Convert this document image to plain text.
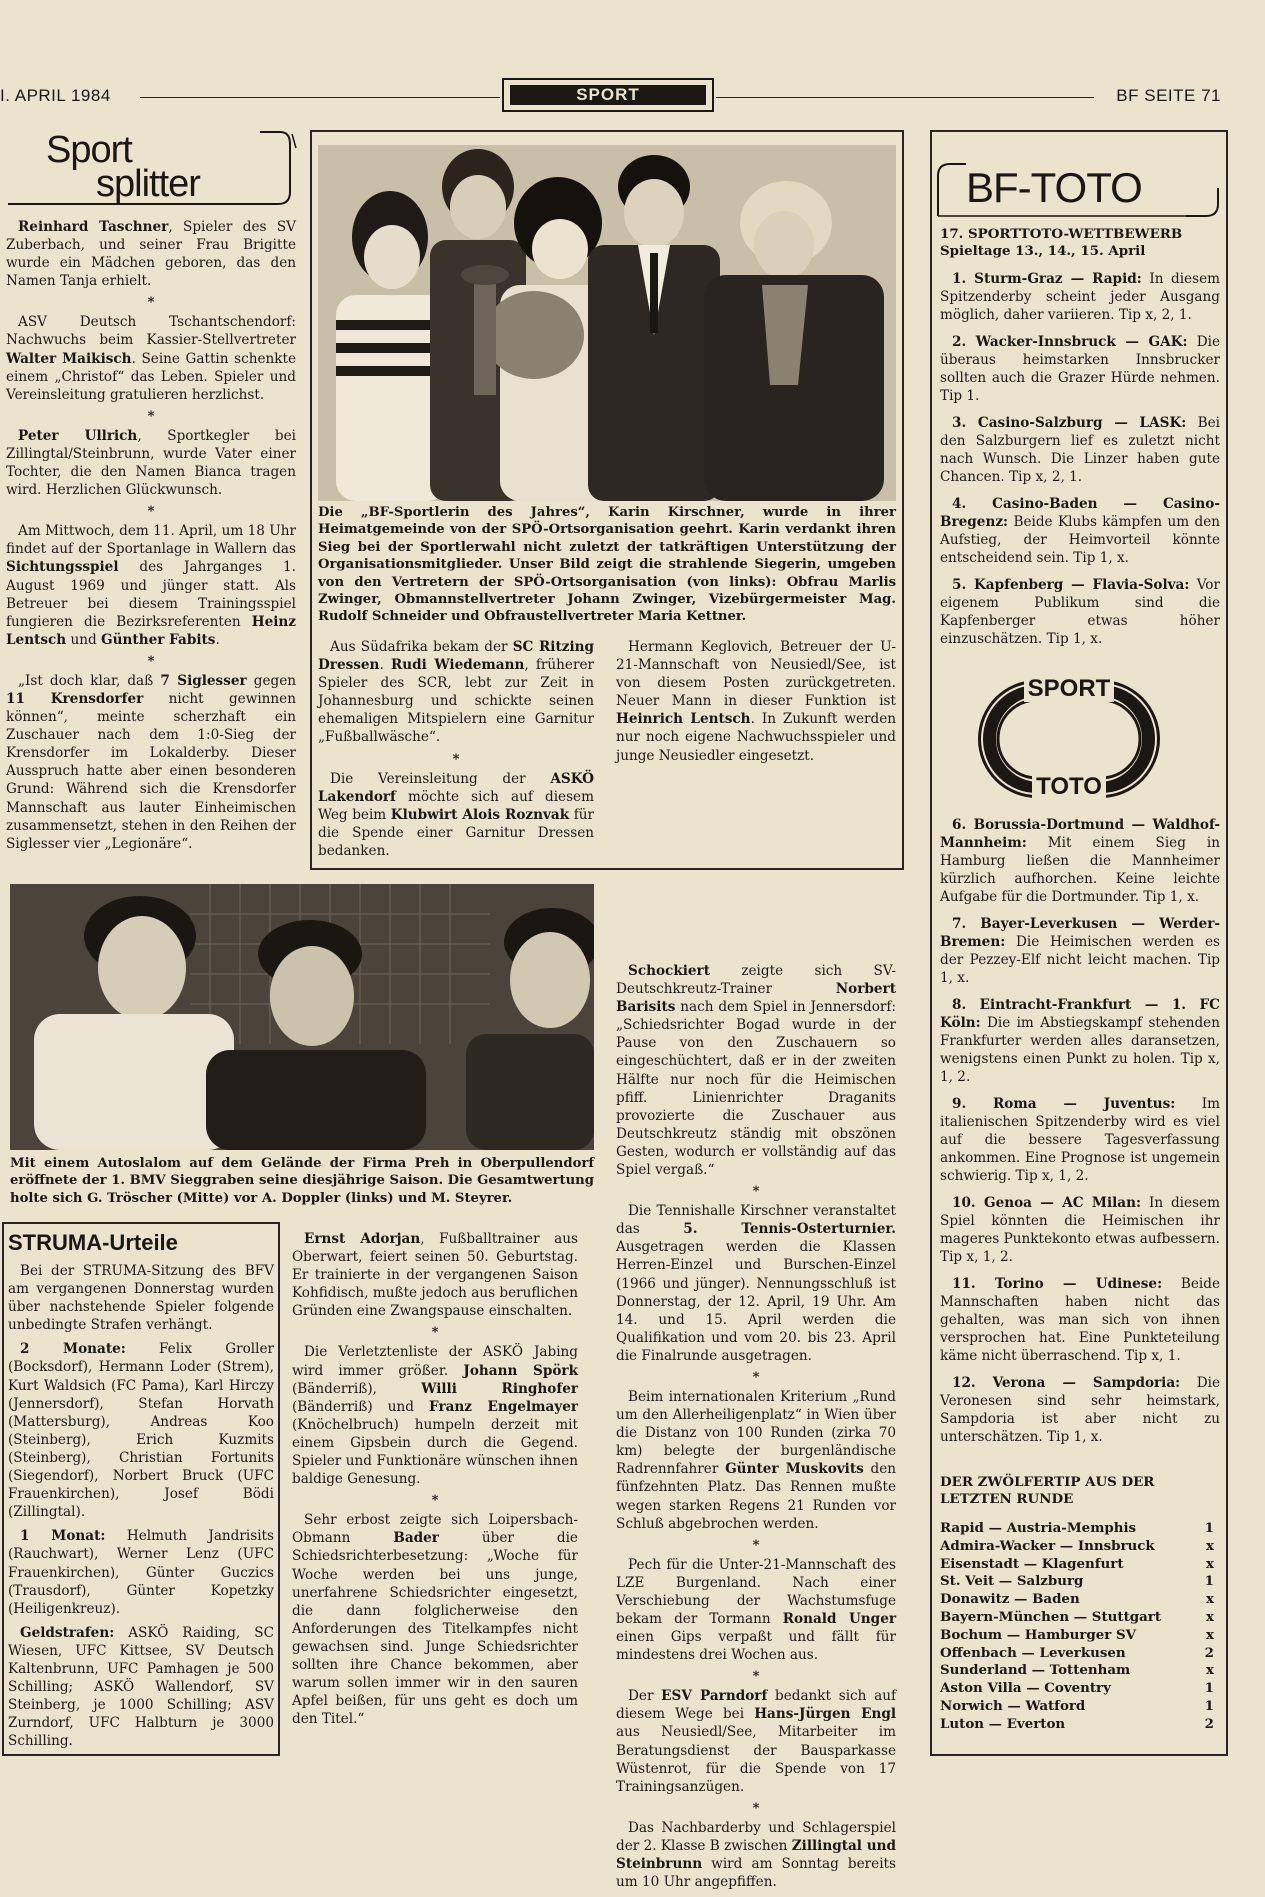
I. APRIL 1984	SPORT	BF SEITE 71
Sport
splitter

Reinhard Taschner, Spieler des SV Zuberbach, und seiner Frau Brigitte wurde ein Mädchen geboren, das den Namen Tanja erhielt.

*

ASV Deutsch Tschantschendorf: Nachwuchs beim Kassier-Stellvertreter Walter Maikisch. Seine Gattin schenkte einem „Christof“ das Leben. Spieler und Vereinsleitung gratulieren herzlichst.

*

Peter Ullrich, Sportkegler bei Zillingtal/Steinbrunn, wurde Vater einer Tochter, die den Namen Bianca tragen wird. Herzlichen Glückwunsch.

*

Am Mittwoch, dem 11. April, um 18 Uhr findet auf der Sportanlage in Wallern das Sichtungsspiel des Jahrganges 1. August 1969 und jünger statt. Als Betreuer bei diesem Trainingsspiel fungieren die Bezirksreferenten Heinz Lentsch und Günther Fabits.

*

„Ist doch klar, daß 7 Siglesser gegen 11 Krensdorfer nicht gewinnen können“, meinte scherzhaft ein Zuschauer nach dem 1:0-Sieg der Krensdorfer im Lokalderby. Dieser Ausspruch hatte aber einen besonderen Grund: Während sich die Krensdorfer Mannschaft aus lauter Einheimischen zusammensetzt, stehen in den Reihen der Siglesser vier „Legionäre“.

Die „BF-Sportlerin des Jahres“, Karin Kirschner, wurde in ihrer Heimatgemeinde von der SPÖ-Ortsorganisation geehrt. Karin verdankt ihren Sieg bei der Sportlerwahl nicht zuletzt der tatkräftigen Unterstützung der Organisationsmitglieder. Unser Bild zeigt die strahlende Siegerin, umgeben von den Vertretern der SPÖ-Ortsorganisation (von links): Obfrau Marlis Zwinger, Obmannstellvertreter Johann Zwinger, Vizebürgermeister Mag. Rudolf Schneider und Obfraustellvertreter Maria Kettner.

Aus Südafrika bekam der SC Ritzing Dressen. Rudi Wiedemann, früherer Spieler des SCR, lebt zur Zeit in Johannesburg und schickte seinen ehemaligen Mitspielern eine Garnitur „Fußballwäsche“.

*

Die Vereinsleitung der ASKÖ Lakendorf möchte sich auf diesem Weg beim Klubwirt Alois Roznvak für die Spende einer Garnitur Dressen bedanken.

Hermann Keglovich, Betreuer der U-21-Mannschaft von Neusiedl/See, ist von diesem Posten zurückgetreten. Neuer Mann in dieser Funktion ist Heinrich Lentsch. In Zukunft werden nur noch eigene Nachwuchsspieler und junge Neusiedler eingesetzt.

Mit einem Autoslalom auf dem Gelände der Firma Preh in Oberpullendorf eröffnete der 1. BMV Sieggraben seine diesjährige Saison. Die Gesamtwertung holte sich G. Tröscher (Mitte) vor A. Doppler (links) und M. Steyrer.
STRUMA-Urteile

Bei der STRUMA-Sitzung des BFV am vergangenen Donnerstag wurden über nachstehende Spieler folgende unbedingte Strafen verhängt.

2 Monate: Felix Groller (Bocksdorf), Hermann Loder (Strem), Kurt Waldsich (FC Pama), Karl Hirczy (Jennersdorf), Stefan Horvath (Mattersburg), Andreas Koo (Steinberg), Erich Kuzmits (Steinberg), Christian Fortunits (Siegendorf), Norbert Bruck (UFC Frauenkirchen), Josef Bödi (Zillingtal).

1 Monat: Helmuth Jandrisits (Rauchwart), Werner Lenz (UFC Frauenkirchen), Günter Guczics (Trausdorf), Günter Kopetzky (Heiligenkreuz).

Geldstrafen: ASKÖ Raiding, SC Wiesen, UFC Kittsee, SV Deutsch Kaltenbrunn, UFC Pamhagen je 500 Schilling; ASKÖ Wallendorf, SV Steinberg, je 1000 Schilling; ASV Zurndorf, UFC Halbturn je 3000 Schilling.

Ernst Adorjan, Fußballtrainer aus Oberwart, feiert seinen 50. Geburtstag. Er trainierte in der vergangenen Saison Kohfidisch, mußte jedoch aus beruflichen Gründen eine Zwangspause einschalten.

*

Die Verletztenliste der ASKÖ Jabing wird immer größer. Johann Spörk (Bänderriß), Willi Ringhofer (Bänderriß) und Franz Engelmayer (Knöchelbruch) humpeln derzeit mit einem Gipsbein durch die Gegend. Spieler und Funktionäre wünschen ihnen baldige Genesung.

*

Sehr erbost zeigte sich Loipersbach-Obmann Bader über die Schiedsrichterbesetzung: „Woche für Woche werden bei uns junge, unerfahrene Schiedsrichter eingesetzt, die dann folglicherweise den Anforderungen des Titelkampfes nicht gewachsen sind. Junge Schiedsrichter sollten ihre Chance bekommen, aber warum sollen immer wir in den sauren Apfel beißen, für uns geht es doch um den Titel.“

Schockiert zeigte sich SV-Deutschkreutz-Trainer Norbert Barisits nach dem Spiel in Jennersdorf: „Schiedsrichter Bogad wurde in der Pause von den Zuschauern so eingeschüchtert, daß er in der zweiten Hälfte nur noch für die Heimischen pfiff. Linienrichter Draganits provozierte die Zuschauer aus Deutschkreutz ständig mit obszönen Gesten, wodurch er vollständig auf das Spiel vergaß.“

*

Die Tennishalle Kirschner veranstaltet das 5. Tennis-Osterturnier. Ausgetragen werden die Klassen Herren-Einzel und Burschen-Einzel (1966 und jünger). Nennungsschluß ist Donnerstag, der 12. April, 19 Uhr. Am 14. und 15. April werden die Qualifikation und vom 20. bis 23. April die Finalrunde ausgetragen.

*

Beim internationalen Kriterium „Rund um den Allerheiligenplatz“ in Wien über die Distanz von 100 Runden (zirka 70 km) belegte der burgenländische Radrennfahrer Günter Muskovits den fünfzehnten Platz. Das Rennen mußte wegen starken Regens 21 Runden vor Schluß abgebrochen werden.

*

Pech für die Unter-21-Mannschaft des LZE Burgenland. Nach einer Verschiebung der Wachstumsfuge bekam der Tormann Ronald Unger einen Gips verpaßt und fällt für mindestens drei Wochen aus.

*

Der ESV Parndorf bedankt sich auf diesem Wege bei Hans-Jürgen Engl aus Neusiedl/See, Mitarbeiter im Beratungsdienst der Bausparkasse Wüstenrot, für die Spende von 17 Trainingsanzügen.

*

Das Nachbarderby und Schlagerspiel der 2. Klasse B zwischen Zillingtal und Steinbrunn wird am Sonntag bereits um 10 Uhr angepfiffen.

BF-TOTO
17. SPORTTOTO-WETTBEWERB
Spieltage 13., 14., 15. April

1. Sturm-Graz — Rapid: In diesem Spitzenderby scheint jeder Ausgang möglich, daher variieren. Tip x, 2, 1.

2. Wacker-Innsbruck — GAK: Die überaus heimstarken Innsbrucker sollten auch die Grazer Hürde nehmen. Tip 1.

3. Casino-Salzburg — LASK: Bei den Salzburgern lief es zuletzt nicht nach Wunsch. Die Linzer haben gute Chancen. Tip x, 2, 1.

4. Casino-Baden — Casino-Bregenz: Beide Klubs kämpfen um den Aufstieg, der Heimvorteil könnte entscheidend sein. Tip 1, x.

5. Kapfenberg — Flavia-Solva: Vor eigenem Publikum sind die Kapfenberger etwas höher einzuschätzen. Tip 1, x.

SPORT
TOTO

6. Borussia-Dortmund — Waldhof-Mannheim: Mit einem Sieg in Hamburg ließen die Mannheimer kürzlich aufhorchen. Keine leichte Aufgabe für die Dortmunder. Tip 1, x.

7. Bayer-Leverkusen — Werder-Bremen: Die Heimischen werden es der Pezzey-Elf nicht leicht machen. Tip 1, x.

8. Eintracht-Frankfurt — 1. FC Köln: Die im Abstiegskampf stehenden Frankfurter werden alles daransetzen, wenigstens einen Punkt zu holen. Tip x, 1, 2.

9. Roma — Juventus: Im italienischen Spitzenderby wird es viel auf die bessere Tagesverfassung ankommen. Eine Prognose ist ungemein schwierig. Tip x, 1, 2.

10. Genoa — AC Milan: In diesem Spiel könnten die Heimischen ihr mageres Punktekonto etwas aufbessern. Tip x, 1, 2.

11. Torino — Udinese: Beide Mannschaften haben nicht das gehalten, was man sich von ihnen versprochen hat. Eine Punkteteilung käme nicht überraschend. Tip x, 1.

12. Verona — Sampdoria: Die Veronesen sind sehr heimstark, Sampdoria ist aber nicht zu unterschätzen. Tip 1, x.

DER ZWÖLFERTIP AUS DER LETZTEN RUNDE
Rapid — Austria-Memphis	1
Admira-Wacker — Innsbruck	x
Eisenstadt — Klagenfurt	x
St. Veit — Salzburg	1
Donawitz — Baden	x
Bayern-München — Stuttgart	x
Bochum — Hamburger SV	x
Offenbach — Leverkusen	2
Sunderland — Tottenham	x
Aston Villa — Coventry	1
Norwich — Watford	1
Luton — Everton	2
